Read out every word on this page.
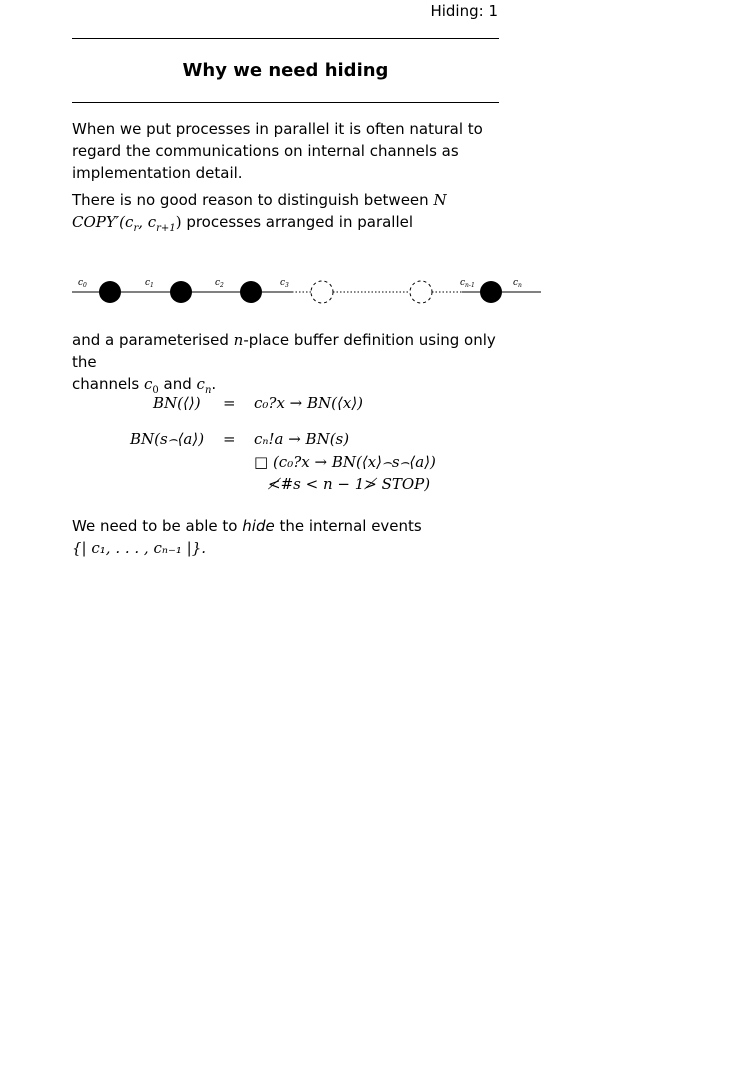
Hiding: 1
Why we need hiding
When we put processes in parallel it is often natural to
regard the communications on internal channels as
implementation detail.
There is no good reason to distinguish between N
$COPY'(c_r$, $c_{r+1}$) processes arranged in parallel
$c_0$	$c_1$	$c_2$	$c_3$	$c_{n-1}$	$c_n$
and a parameterised n-place buffer definition using only the
channels $c_0$ and $c_n$.
BN(⟨⟩) = c₀?x → BN(⟨x⟩)
BN(s⌢⟨a⟩) = cₙ!a → BN(s)
□ (c₀?x → BN(⟨x⟩⌢s⌢⟨a⟩)
≮#s < n − 1≯ STOP)
We need to be able to hide the internal events
{| c₁, . . . , cₙ₋₁ |}.
